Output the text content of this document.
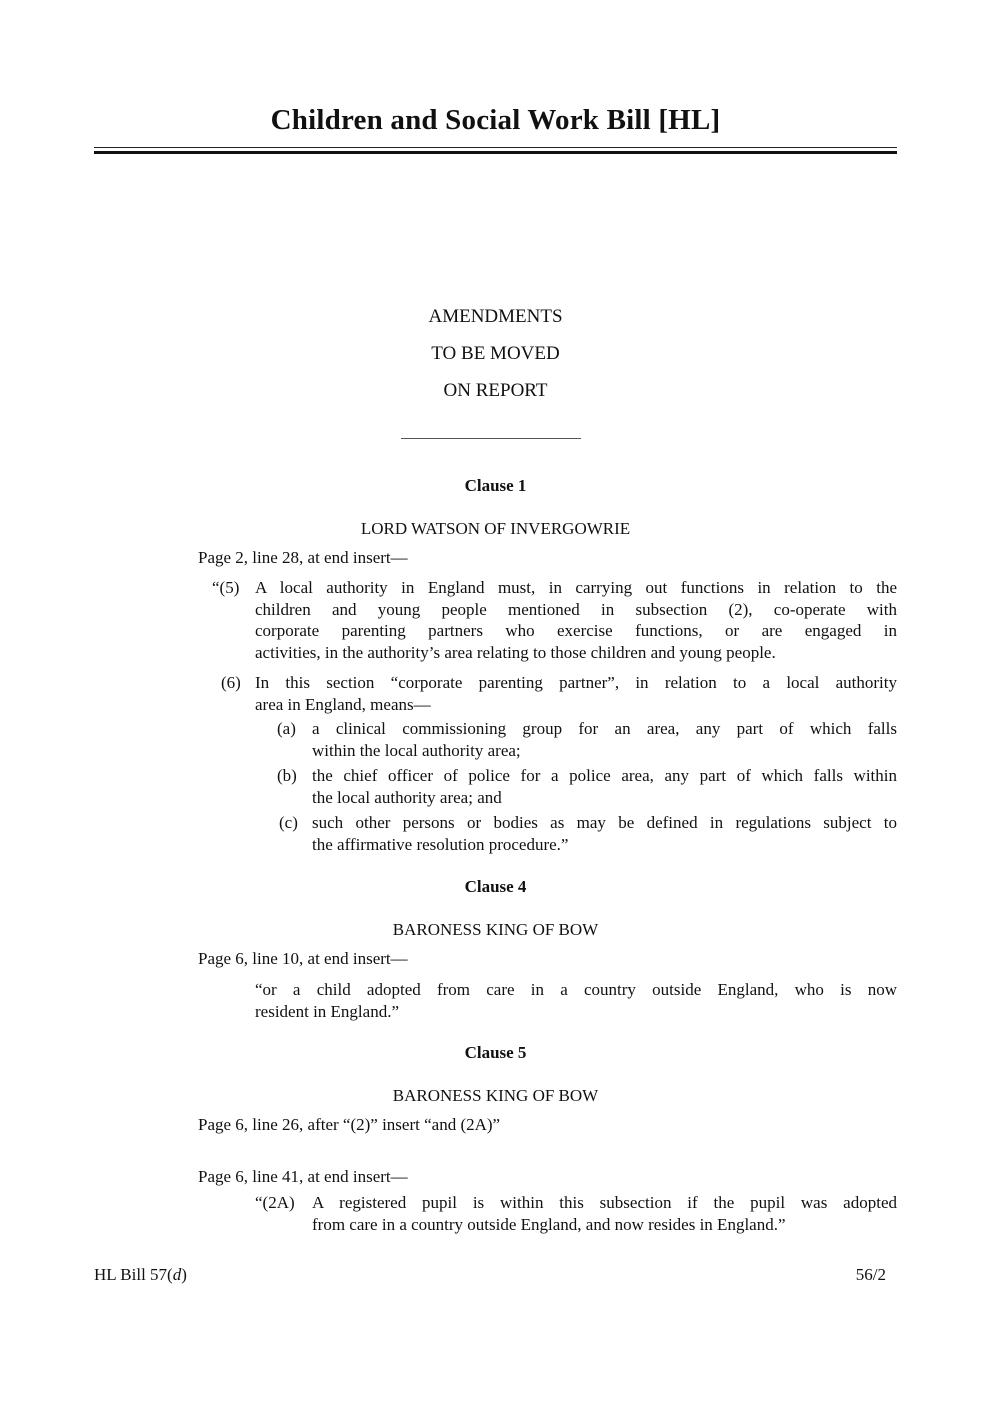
Children and Social Work Bill [HL]
AMENDMENTS
TO BE MOVED
ON REPORT
Clause 1
LORD WATSON OF INVERGOWRIE
Page 2, line 28, at end insert—
“(5) A local authority in England must, in carrying out functions in relation to the
children and young people mentioned in subsection (2), co-operate with
corporate parenting partners who exercise functions, or are engaged in
activities, in the authority’s area relating to those children and young people.
(6) In this section “corporate parenting partner”, in relation to a local authority
area in England, means—
(a) a clinical commissioning group for an area, any part of which falls
within the local authority area;
(b) the chief officer of police for a police area, any part of which falls within
the local authority area; and
(c) such other persons or bodies as may be defined in regulations subject to
the affirmative resolution procedure.”
Clause 4
BARONESS KING OF BOW
Page 6, line 10, at end insert—
“or a child adopted from care in a country outside England, who is now
resident in England.”
Clause 5
BARONESS KING OF BOW
Page 6, line 26, after “(2)” insert “and (2A)”
Page 6, line 41, at end insert—
“(2A) A registered pupil is within this subsection if the pupil was adopted
from care in a country outside England, and now resides in England.”
HL Bill 57(d)	56/2
